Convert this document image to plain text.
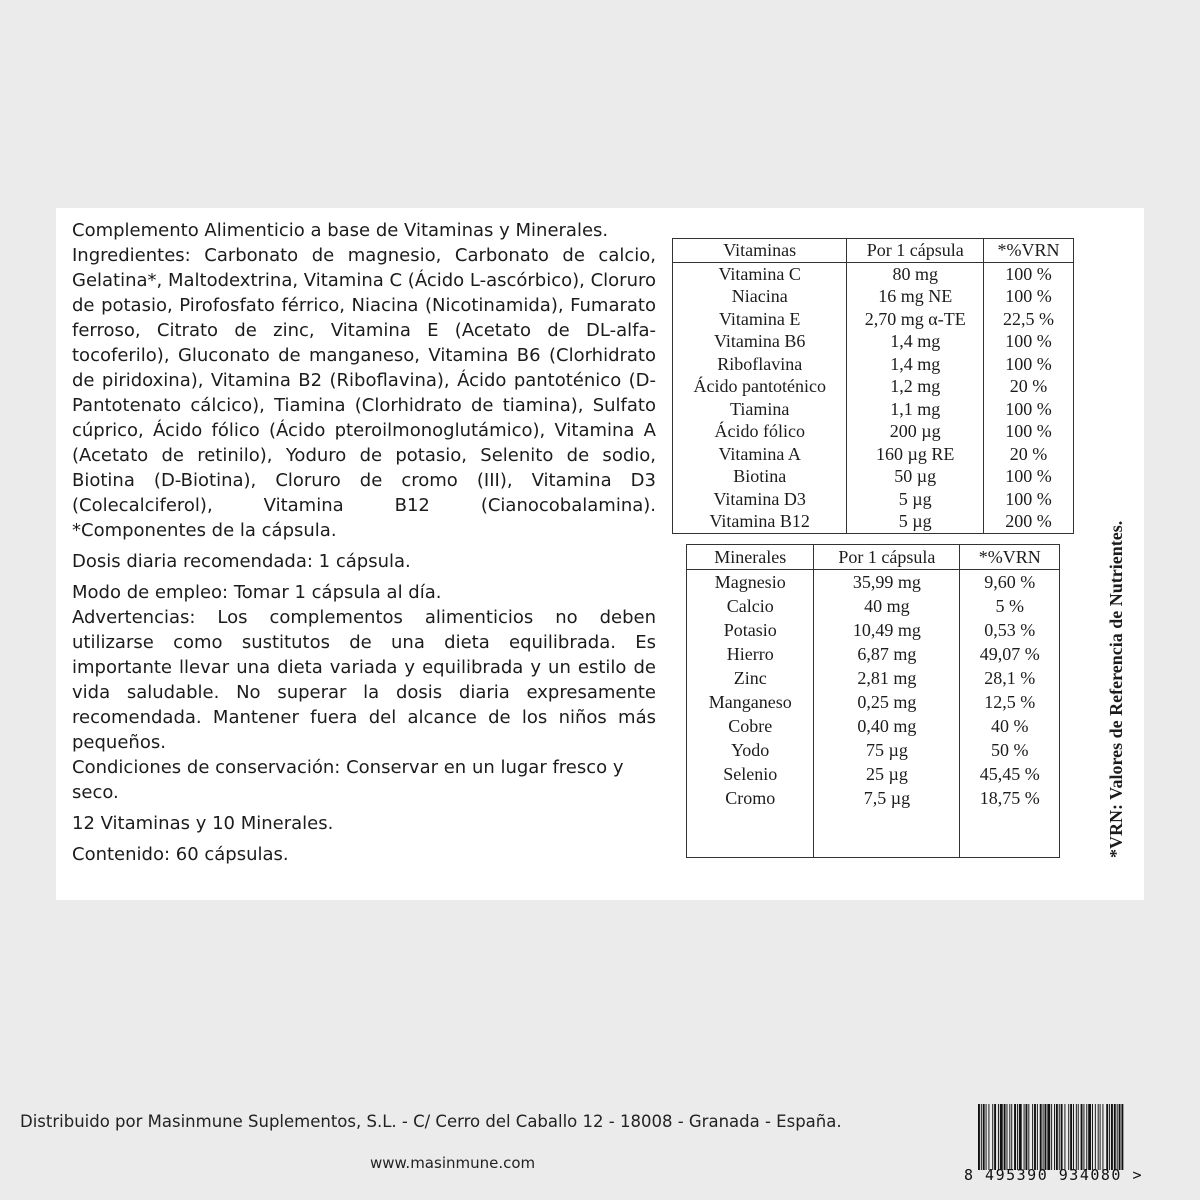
Complemento Alimenticio a base de Vitaminas y Minerales.

Ingredientes: Carbonato de magnesio, Carbonato de calcio, Gelatina*, Maltodextrina, Vitamina C (Ácido L-ascórbico), Cloruro de potasio, Pirofosfato férrico, Niacina (Nicotinamida), Fumarato ferroso, Citrato de zinc, Vitamina E (Acetato de DL-alfa-tocoferilo), Gluconato de manganeso, Vitamina B6 (Clorhidrato de piridoxina), Vitamina B2 (Riboflavina), Ácido pantoténico (D-Pantotenato cálcico), Tiamina (Clorhidrato de tiamina), Sulfato cúprico, Ácido fólico (Ácido pteroilmonoglutámico), Vitamina A (Acetato de retinilo), Yoduro de potasio, Selenito de sodio, Biotina (D-Biotina), Cloruro de cromo (III), Vitamina D3 (Colecalciferol), Vitamina B12 (Cianocobalamina). *Componentes de la cápsula.

Dosis diaria recomendada: 1 cápsula.

Modo de empleo: Tomar 1 cápsula al día.

Advertencias: Los complementos alimenticios no deben utilizarse como sustitutos de una dieta equilibrada. Es importante llevar una dieta variada y equilibrada y un estilo de vida saludable. No superar la dosis diaria expresamente recomendada. Mantener fuera del alcance de los niños más pequeños.

Condiciones de conservación: Conservar en un lugar fresco y seco.

12 Vitaminas y 10 Minerales.

Contenido: 60 cápsulas.

Vitaminas	Por 1 cápsula	*%VRN
Vitamina C	80 mg	100 %
Niacina	16 mg NE	100 %
Vitamina E	2,70 mg α-TE	22,5 %
Vitamina B6	1,4 mg	100 %
Riboflavina	1,4 mg	100 %
Ácido pantoténico	1,2 mg	20 %
Tiamina	1,1 mg	100 %
Ácido fólico	200 µg	100 %
Vitamina A	160 µg RE	20 %
Biotina	50 µg	100 %
Vitamina D3	5 µg	100 %
Vitamina B12	5 µg	200 %
Minerales	Por 1 cápsula	*%VRN
Magnesio	35,99 mg	9,60 %
Calcio	40 mg	5 %
Potasio	10,49 mg	0,53 %
Hierro	6,87 mg	49,07 %
Zinc	2,81 mg	28,1 %
Manganeso	0,25 mg	12,5 %
Cobre	0,40 mg	40 %
Yodo	75 µg	50 %
Selenio	25 µg	45,45 %
Cromo	7,5 µg	18,75 %
			*VRN: Valores de Referencia de Nutrientes.
Distribuido por Masinmune Suplementos, S.L. - C/ Cerro del Caballo 12 - 18008 - Granada - España.
www.masinmune.com
8 495390 934080 >
